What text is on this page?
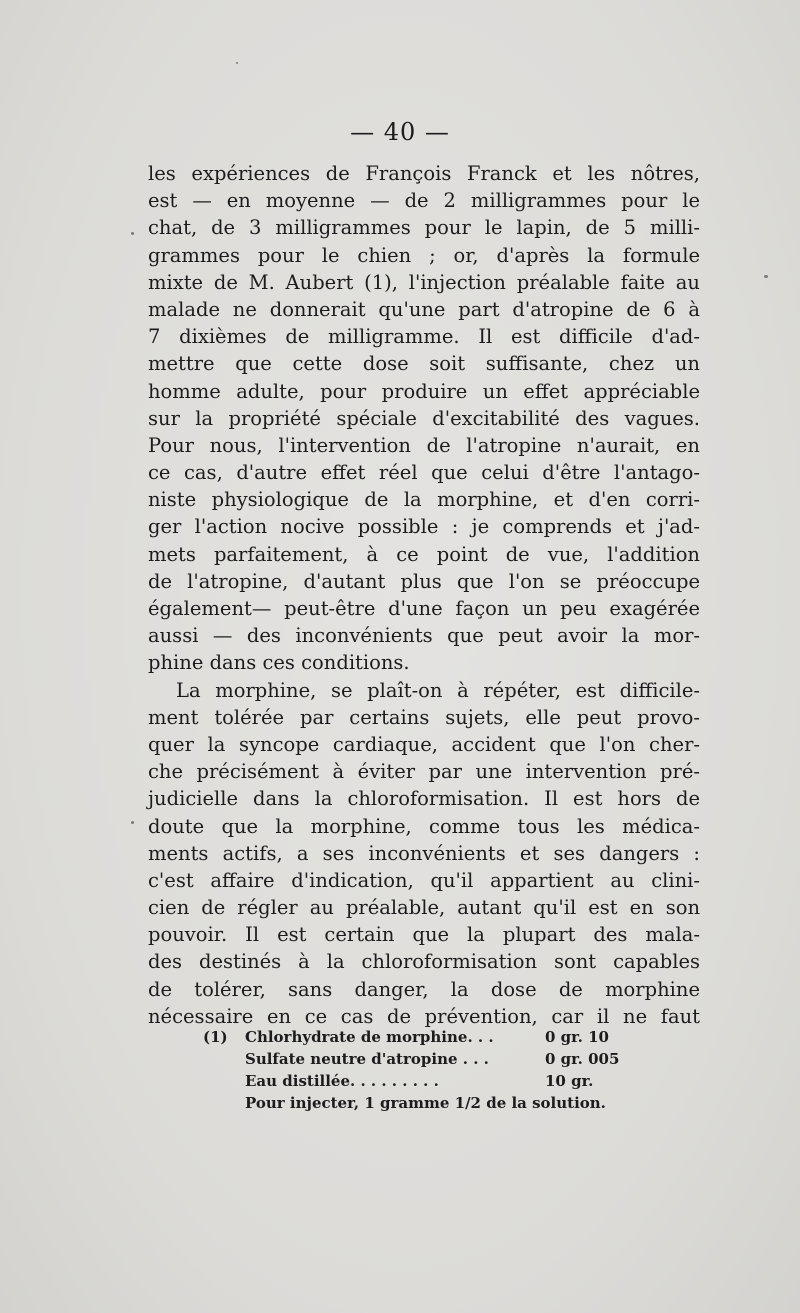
— 40 —
les expériences de François Franck et les nôtres,
est — en moyenne — de 2 milligrammes pour le
chat, de 3 milligrammes pour le lapin, de 5 milli-
grammes pour le chien ; or, d'après la formule
mixte de M. Aubert (1), l'injection préalable faite au
malade ne donnerait qu'une part d'atropine de 6 à
7 dixièmes de milligramme. Il est difficile d'ad-
mettre que cette dose soit suffisante, chez un
homme adulte, pour produire un effet appréciable
sur la propriété spéciale d'excitabilité des vagues.
Pour nous, l'intervention de l'atropine n'aurait, en
ce cas, d'autre effet réel que celui d'être l'antago-
niste physiologique de la morphine, et d'en corri-
ger l'action nocive possible : je comprends et j'ad-
mets parfaitement, à ce point de vue, l'addition
de l'atropine, d'autant plus que l'on se préoccupe
également— peut-être d'une façon un peu exagérée
aussi — des inconvénients que peut avoir la mor-
phine dans ces conditions.
La morphine, se plaît-on à répéter, est difficile-
ment tolérée par certains sujets, elle peut provo-
quer la syncope cardiaque, accident que l'on cher-
che précisément à éviter par une intervention pré-
judicielle dans la chloroformisation. Il est hors de
doute que la morphine, comme tous les médica-
ments actifs, a ses inconvénients et ses dangers :
c'est affaire d'indication, qu'il appartient au clini-
cien de régler au préalable, autant qu'il est en son
pouvoir. Il est certain que la plupart des mala-
des destinés à la chloroformisation sont capables
de tolérer, sans danger, la dose de morphine
nécessaire en ce cas de prévention, car il ne faut
(1) Chlorhydrate de morphine. . .	0 gr. 10
Sulfate neutre d'atropine . . .	0 gr. 005
Eau distillée. . . . . . . . .	10 gr.
Pour injecter, 1 gramme 1/2 de la solution.
